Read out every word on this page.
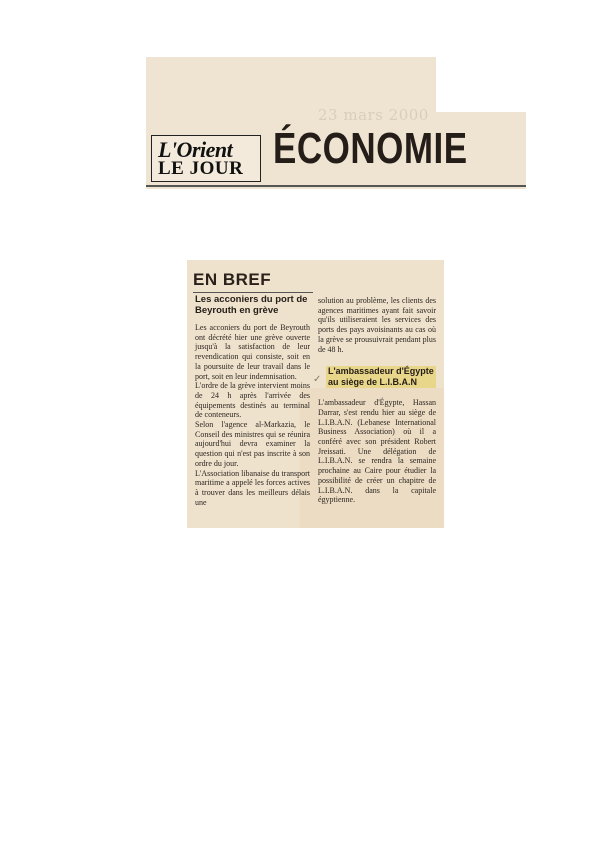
23 mars 2000
L'Orient
LE JOUR ÉCONOMIE
EN BREF

Les acconiers du port de Beyrouth en grève

Les acconiers du port de Beyrouth ont décrété hier une grève ouverte jusqu'à la satisfaction de leur revendication qui consiste, soit en la poursuite de leur travail dans le port, soit en leur indemnisation.
L'ordre de la grève intervient moins de 24 h après l'arrivée des équipements destinés au terminal de conteneurs.
Selon l'agence al-Markazia, le Conseil des ministres qui se réunira aujourd'hui devra examiner la question qui n'est pas inscrite à son ordre du jour.
L'Association libanaise du transport maritime a appelé les forces actives à trouver dans les meilleurs délais une

solution au problème, les clients des agences maritimes ayant fait savoir qu'ils utiliseraient les services des ports des pays avoisinants au cas où la grève se prousuivrait pendant plus de 48 h.

L'ambassadeur d'Égypte au siège de L.I.B.A.N

L'ambassadeur d'Égypte, Hassan Darrar, s'est rendu hier au siège de L.I.B.A.N. (Lebanese International Business Association) où il a conféré avec son président Robert Jreissati. Une délégation de L.I.B.A.N. se rendra la semaine prochaine au Caire pour étudier la possibilité de créer un chapitre de L.I.B.A.N. dans la capitale égyptienne.

✓
